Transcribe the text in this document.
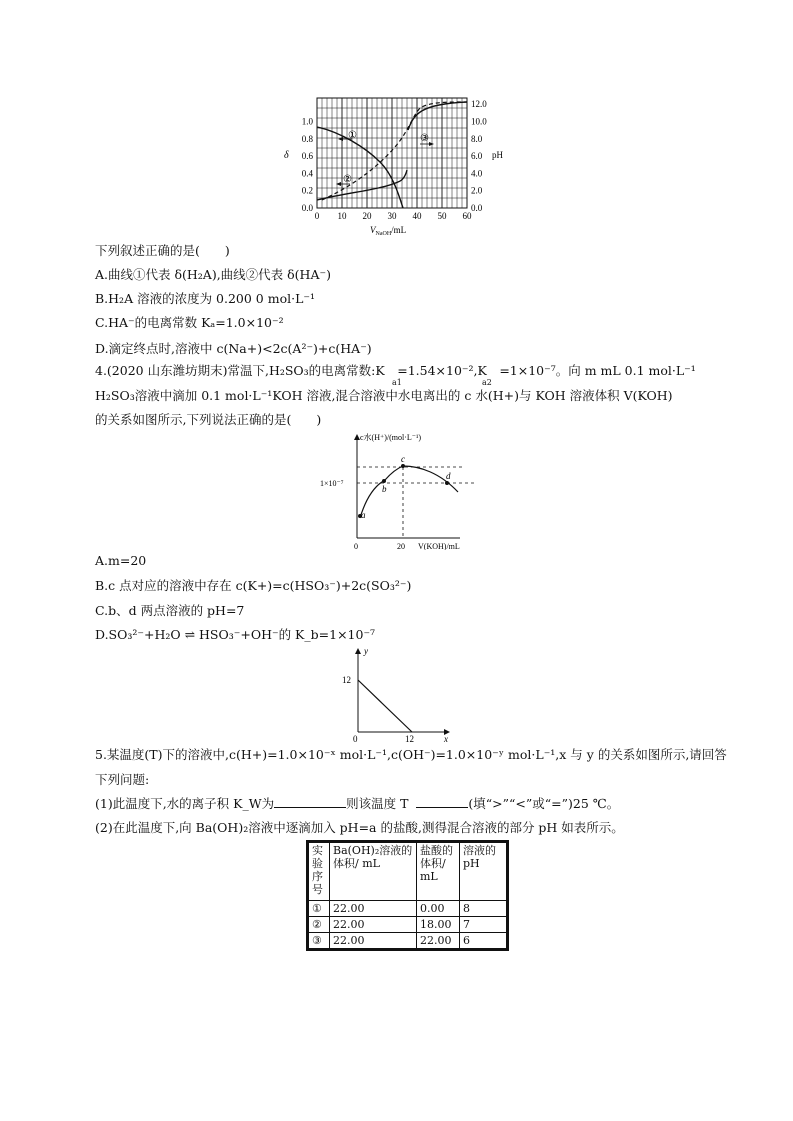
①
②
③
0.0
0.2
0.4
0.6
0.8
1.0
0.0
2.0
4.0
6.0
8.0
10.0
12.0
0 10 20 30 40 50 60
δ	pH
$V_{NaOH}/mL$
下列叙述正确的是(　　)
A.曲线①代表 δ(H₂A),曲线②代表 δ(HA⁻)
B.H₂A 溶液的浓度为 0.200 0 mol·L⁻¹
C.HA⁻的电离常数 Kₐ=1.0×10⁻²
D.滴定终点时,溶液中 c(Na+)<2c(A²⁻)+c(HA⁻)
4.(2020 山东潍坊期末)常温下,H₂SO₃的电离常数:K　=1.54×10⁻²,K　=1×10⁻⁷。向 m mL 0.1 mol·L⁻¹
a1	a2
H₂SO₃溶液中滴加 0.1 mol·L⁻¹KOH 溶液,混合溶液中水电离出的 c 水(H+)与 KOH 溶液体积 V(KOH)
的关系如图所示,下列说法正确的是(　　)
a
b
c
d
c水(H⁺)/(mol·L⁻¹)
1×10⁻⁷
0	20 V(KOH)/mL
A.m=20
B.c 点对应的溶液中存在 c(K+)=c(HSO₃⁻)+2c(SO₃²⁻)
C.b、d 两点溶液的 pH=7
D.SO₃²⁻+H₂O ⇌ HSO₃⁻+OH⁻的 K_b=1×10⁻⁷
y
x
12
12
0
5.某温度(T)下的溶液中,c(H+)=1.0×10⁻ˣ mol·L⁻¹,c(OH⁻)=1.0×10⁻ʸ mol·L⁻¹,x 与 y 的关系如图所示,请回答
下列问题:
(1)此温度下,水的离子积 K_W为	则该温度 T	(填“>”“<”或“=”)25 ℃。
(2)在此温度下,向 Ba(OH)₂溶液中逐滴加入 pH=a 的盐酸,测得混合溶液的部分 pH 如表所示。
实验序号	Ba(OH)₂溶液的体积/ mL	盐酸的体积/ mL	溶液的 pH
①	22.00	0.00	8
②	22.00	18.00	7
③	22.00	22.00	6
